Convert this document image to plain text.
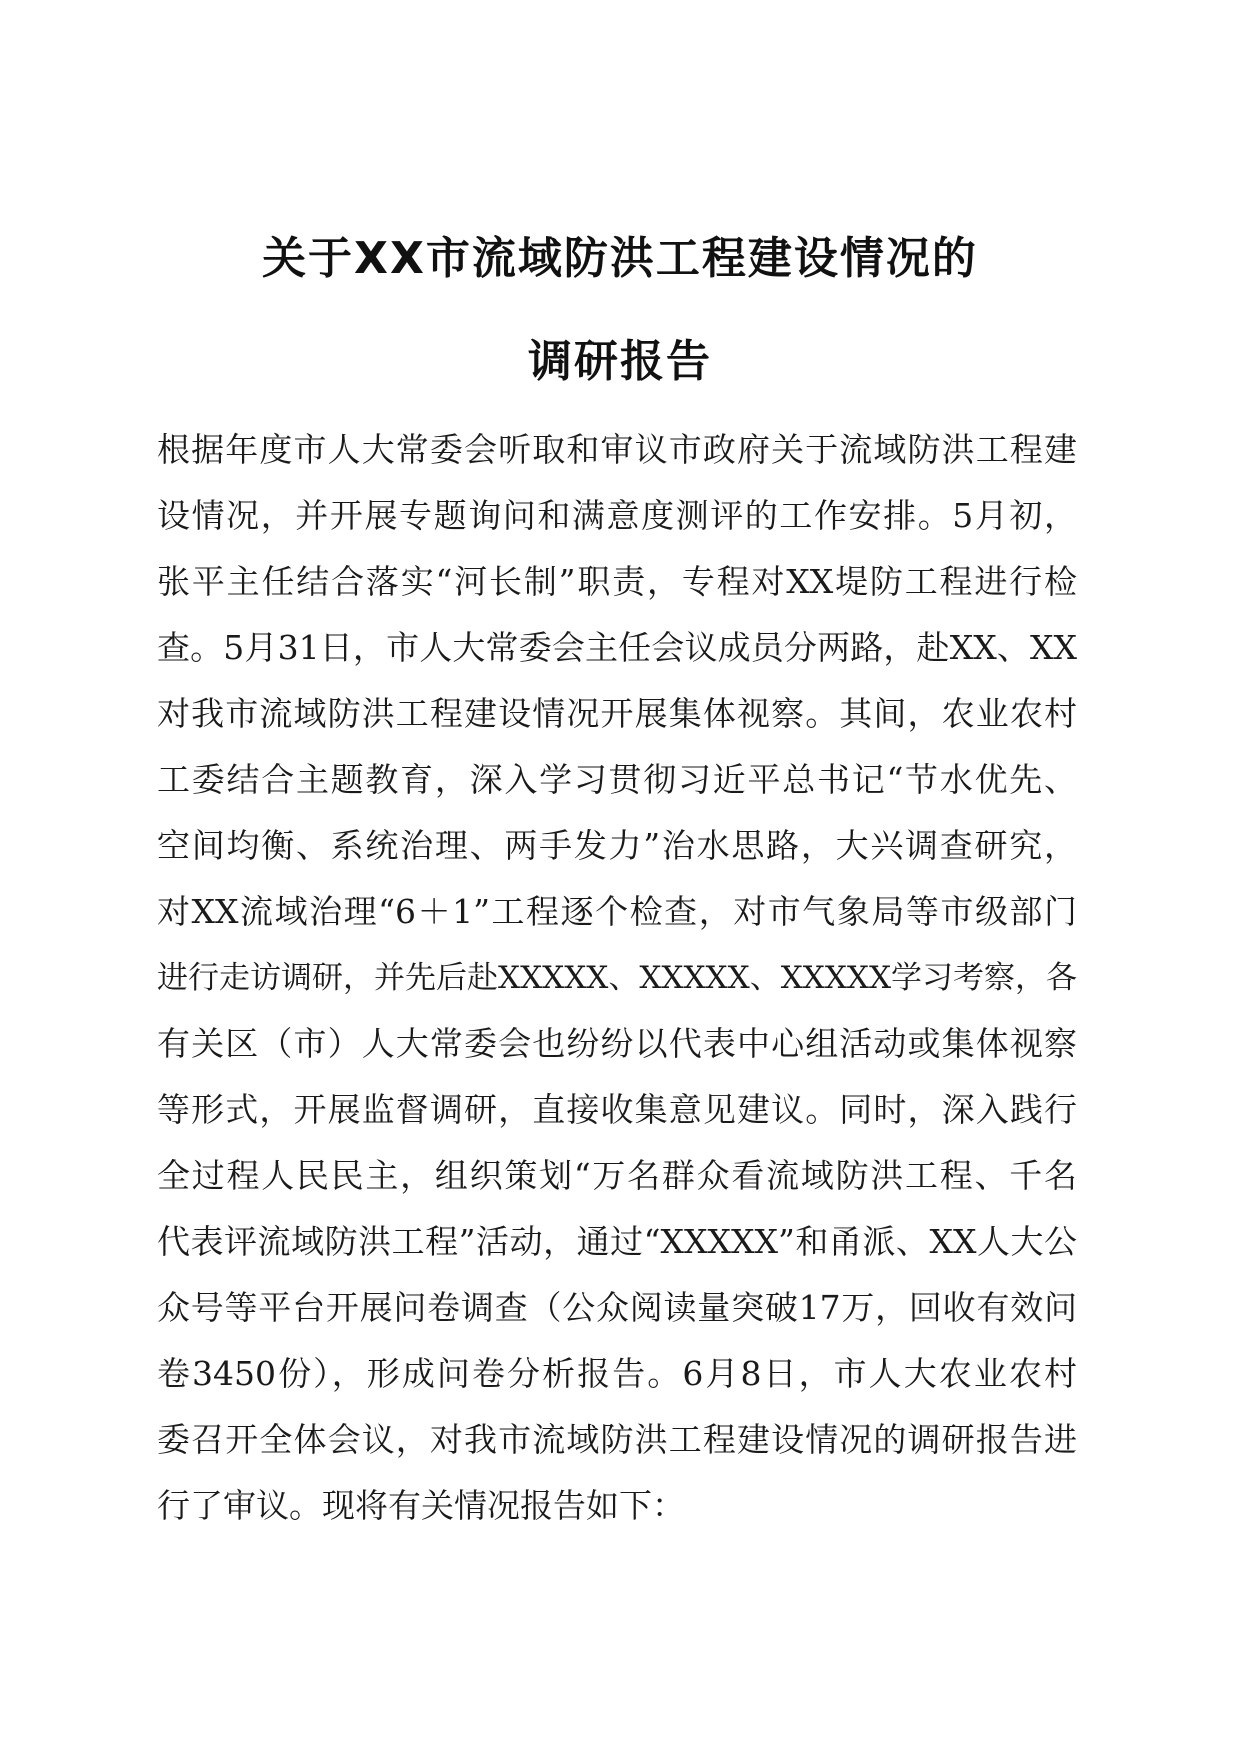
关于XX市流域防洪工程建设情况的
调研报告
根据年度市人大常委会听取和审议市政府关于流域防洪工程建
设情况，并开展专题询问和满意度测评的工作安排。5月初，
张平主任结合落实“河长制”职责，专程对XX堤防工程进行检
查。5月31日，市人大常委会主任会议成员分两路，赴XX、XX
对我市流域防洪工程建设情况开展集体视察。其间，农业农村
工委结合主题教育，深入学习贯彻习近平总书记“节水优先、
空间均衡、系统治理、两手发力”治水思路，大兴调查研究，
对XX流域治理“6＋1”工程逐个检查，对市气象局等市级部门
进行走访调研，并先后赴XXXXX、XXXXX、XXXXX学习考察，各
有关区（市）人大常委会也纷纷以代表中心组活动或集体视察
等形式，开展监督调研，直接收集意见建议。同时，深入践行
全过程人民民主，组织策划“万名群众看流域防洪工程、千名
代表评流域防洪工程”活动，通过“XXXXX”和甬派、XX人大公
众号等平台开展问卷调查（公众阅读量突破17万，回收有效问
卷3450份），形成问卷分析报告。6月8日，市人大农业农村
委召开全体会议，对我市流域防洪工程建设情况的调研报告进
行了审议。现将有关情况报告如下：
